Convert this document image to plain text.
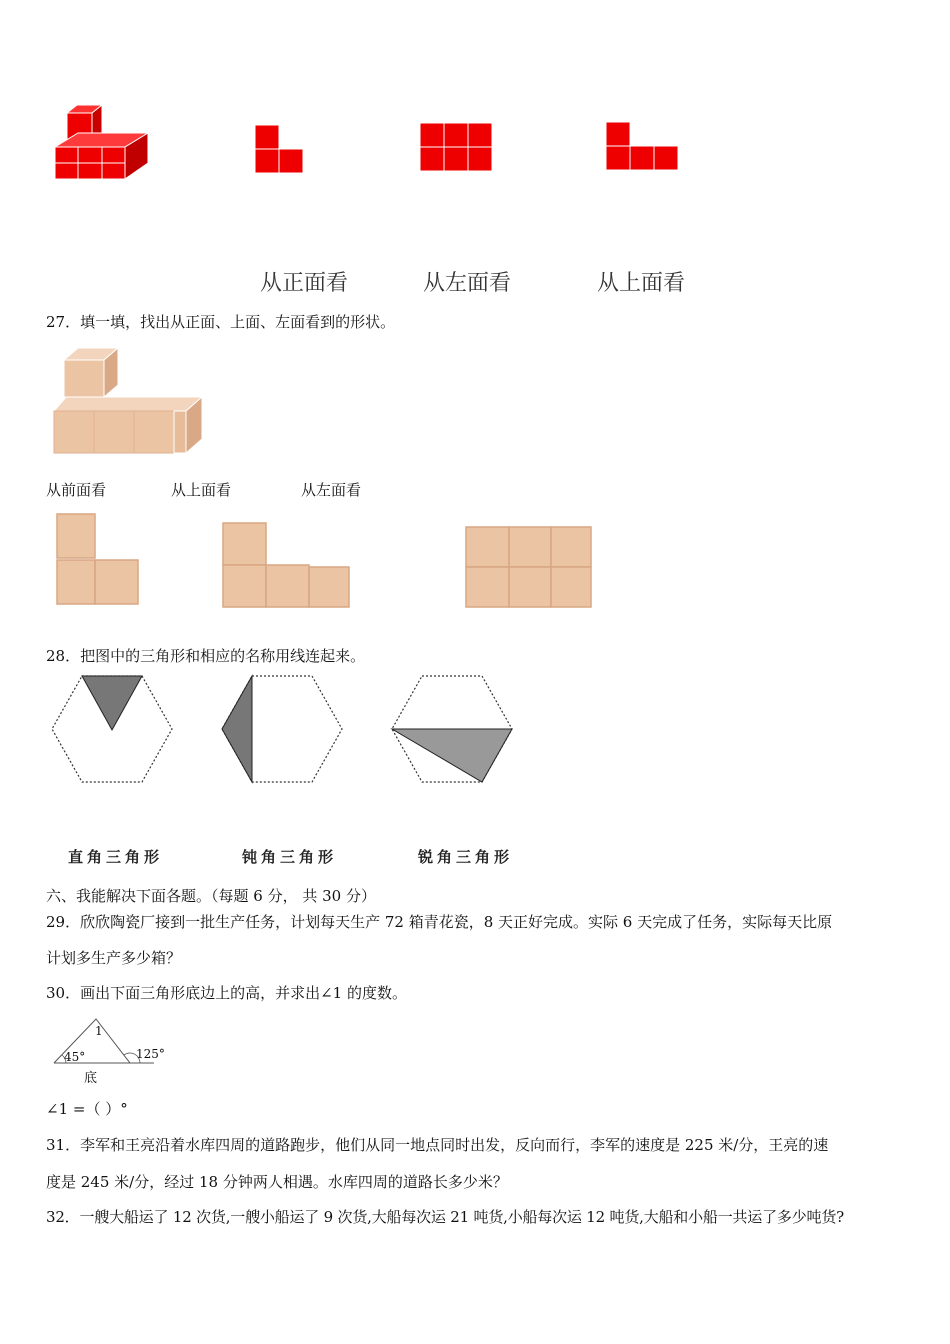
从正面看	从左面看	从上面看
27．填一填，找出从正面、上面、左面看到的形状。
从前面看	从上面看	从左面看
28．把图中的三角形和相应的名称用线连起来。
直角三角形	钝角三角形	锐角三角形
六、我能解决下面各题。（每题 6 分， 共 30 分）
29．欣欣陶瓷厂接到一批生产任务，计划每天生产 72 箱青花瓷，8 天正好完成。实际 6 天完成了任务，实际每天比原
计划多生产多少箱？
30．画出下面三角形底边上的高，并求出∠1 的度数。
1
45°	125°
底
∠1 =（ ）°
31．李军和王亮沿着水库四周的道路跑步，他们从同一地点同时出发，反向而行，李军的速度是 225 米/分，王亮的速
度是 245 米/分，经过 18 分钟两人相遇。水库四周的道路长多少米？
32．一艘大船运了 12 次货,一艘小船运了 9 次货,大船每次运 21 吨货,小船每次运 12 吨货,大船和小船一共运了多少吨货?
